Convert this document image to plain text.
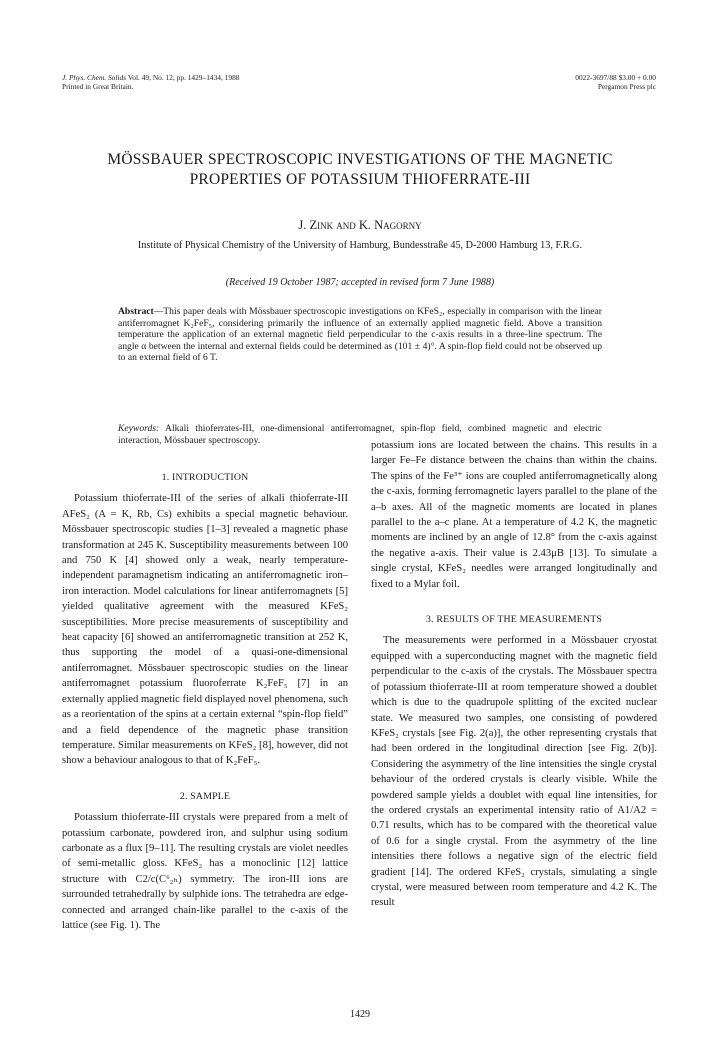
J. Phys. Chem. Solids Vol. 49, No. 12, pp. 1429–1434, 1988
Printed in Great Britain.
0022-3697/88 $3.00 + 0.00
Pergamon Press plc
MÖSSBAUER SPECTROSCOPIC INVESTIGATIONS OF THE MAGNETIC PROPERTIES OF POTASSIUM THIOFERRATE-III
J. Zink and K. Nagorny
Institute of Physical Chemistry of the University of Hamburg, Bundesstraße 45, D-2000 Hamburg 13, F.R.G.
(Received 19 October 1987; accepted in revised form 7 June 1988)
Abstract—This paper deals with Mössbauer spectroscopic investigations on KFeS₂, especially in comparison with the linear antiferromagnet K₂FeF₅, considering primarily the influence of an externally applied magnetic field. Above a transition temperature the application of an external magnetic field perpendicular to the c-axis results in a three-line spectrum. The angle α between the internal and external fields could be determined as (101 ± 4)°. A spin-flop field could not be observed up to an external field of 6 T.
Keywords: Alkali thioferrates-III, one-dimensional antiferromagnet, spin-flop field, combined magnetic and electric interaction, Mössbauer spectroscopy.
1. INTRODUCTION

Potassium thioferrate-III of the series of alkali thioferrate-III AFeS₂ (A = K, Rb, Cs) exhibits a special magnetic behaviour. Mössbauer spectroscopic studies [1–3] revealed a magnetic phase transformation at 245 K. Susceptibility measurements between 100 and 750 K [4] showed only a weak, nearly temperature-independent paramagnetism indicating an antiferromagnetic iron–iron interaction. Model calculations for linear antiferromagnets [5] yielded qualitative agreement with the measured KFeS₂ susceptibilities. More precise measurements of susceptibility and heat capacity [6] showed an antiferromagnetic transition at 252 K, thus supporting the model of a quasi-one-dimensional antiferromagnet. Mössbauer spectroscopic studies on the linear antiferromagnet potassium fluoroferrate K₂FeF₅ [7] in an externally applied magnetic field displayed novel phenomena, such as a reorientation of the spins at a certain external “spin-flop field” and a field dependence of the magnetic phase transition temperature. Similar measurements on KFeS₂ [8], however, did not show a behaviour analogous to that of K₂FeF₅.

2. SAMPLE

Potassium thioferrate-III crystals were prepared from a melt of potassium carbonate, powdered iron, and sulphur using sodium carbonate as a flux [9–11]. The resulting crystals are violet needles of semi-metallic gloss. KFeS₂ has a monoclinic [12] lattice structure with C2/c(C⁶₂ₕ) symmetry. The iron-III ions are surrounded tetrahedrally by sulphide ions. The tetrahedra are edge-connected and arranged chain-like parallel to the c-axis of the lattice (see Fig. 1). The

potassium ions are located between the chains. This results in a larger Fe–Fe distance between the chains than within the chains. The spins of the Fe³⁺ ions are coupled antiferromagnetically along the c-axis, forming ferromagnetic layers parallel to the plane of the a–b axes. All of the magnetic moments are located in planes parallel to the a–c plane. At a temperature of 4.2 K, the magnetic moments are inclined by an angle of 12.8° from the c-axis against the negative a-axis. Their value is 2.43μB [13]. To simulate a single crystal, KFeS₂ needles were arranged longitudinally and fixed to a Mylar foil.

3. RESULTS OF THE MEASUREMENTS

The measurements were performed in a Mössbauer cryostat equipped with a superconducting magnet with the magnetic field perpendicular to the c-axis of the crystals. The Mössbauer spectra of potassium thioferrate-III at room temperature showed a doublet which is due to the quadrupole splitting of the excited nuclear state. We measured two samples, one consisting of powdered KFeS₂ crystals [see Fig. 2(a)], the other representing crystals that had been ordered in the longitudinal direction [see Fig. 2(b)]. Considering the asymmetry of the line intensities the single crystal behaviour of the ordered crystals is clearly visible. While the powdered sample yields a doublet with equal line intensities, for the ordered crystals an experimental intensity ratio of A1/A2 = 0.71 results, which has to be compared with the theoretical value of 0.6 for a single crystal. From the asymmetry of the line intensities there follows a negative sign of the electric field gradient [14]. The ordered KFeS₂ crystals, simulating a single crystal, were measured between room temperature and 4.2 K. The result

1429
